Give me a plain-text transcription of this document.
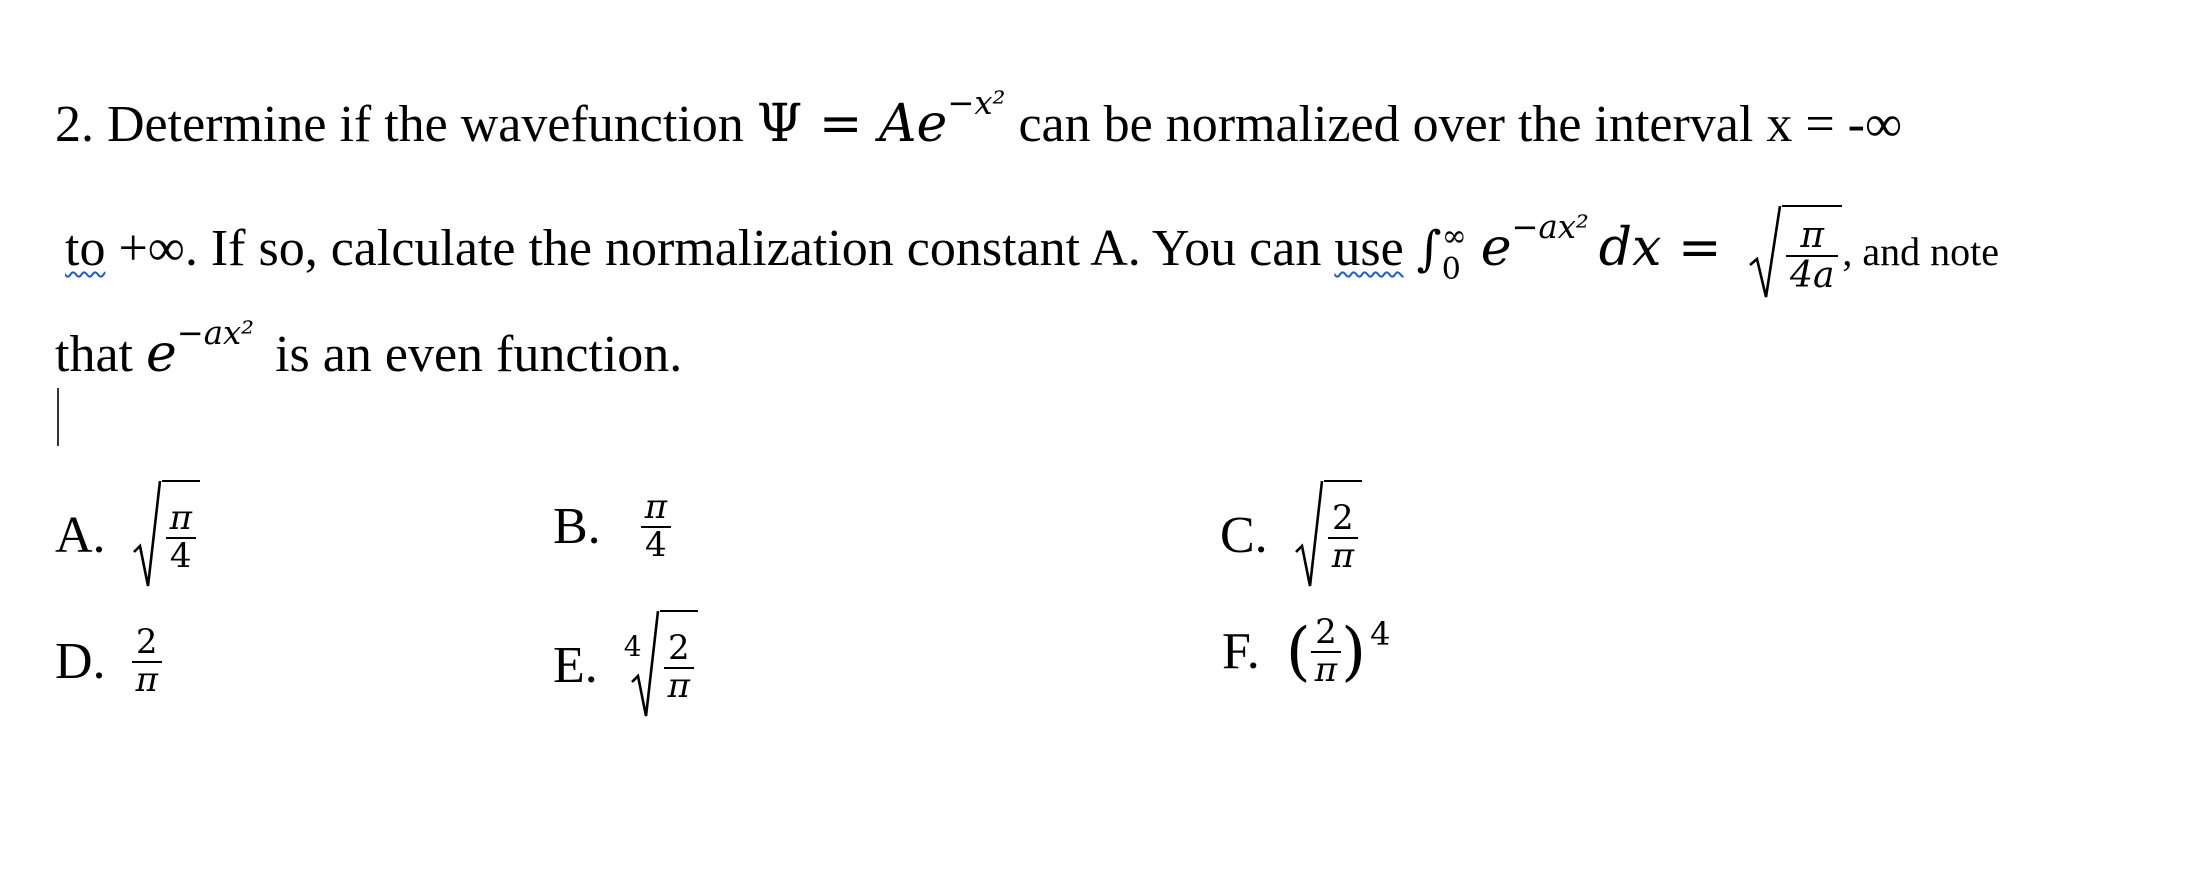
2. Determine if the wavefunction $\Psi = Ae^{-x^2}$ can be normalized over the interval x = -∞
to +∞. If so, calculate the normalization constant A. You can use ∫ ∞
0 $e^{-ax^2}$ dx = $\frac{\pi}{4a}$ , and note
that $e^{-ax^2}$ is an even function.
A. $\frac{\pi}{4}$	B. $\frac{\pi}{4}$	C. $\frac{2}{\pi}$
D. $\frac{2}{\pi}$	E. $4 \frac{2}{\pi}$	F. ( $\frac{2}{\pi}$ ) 4
